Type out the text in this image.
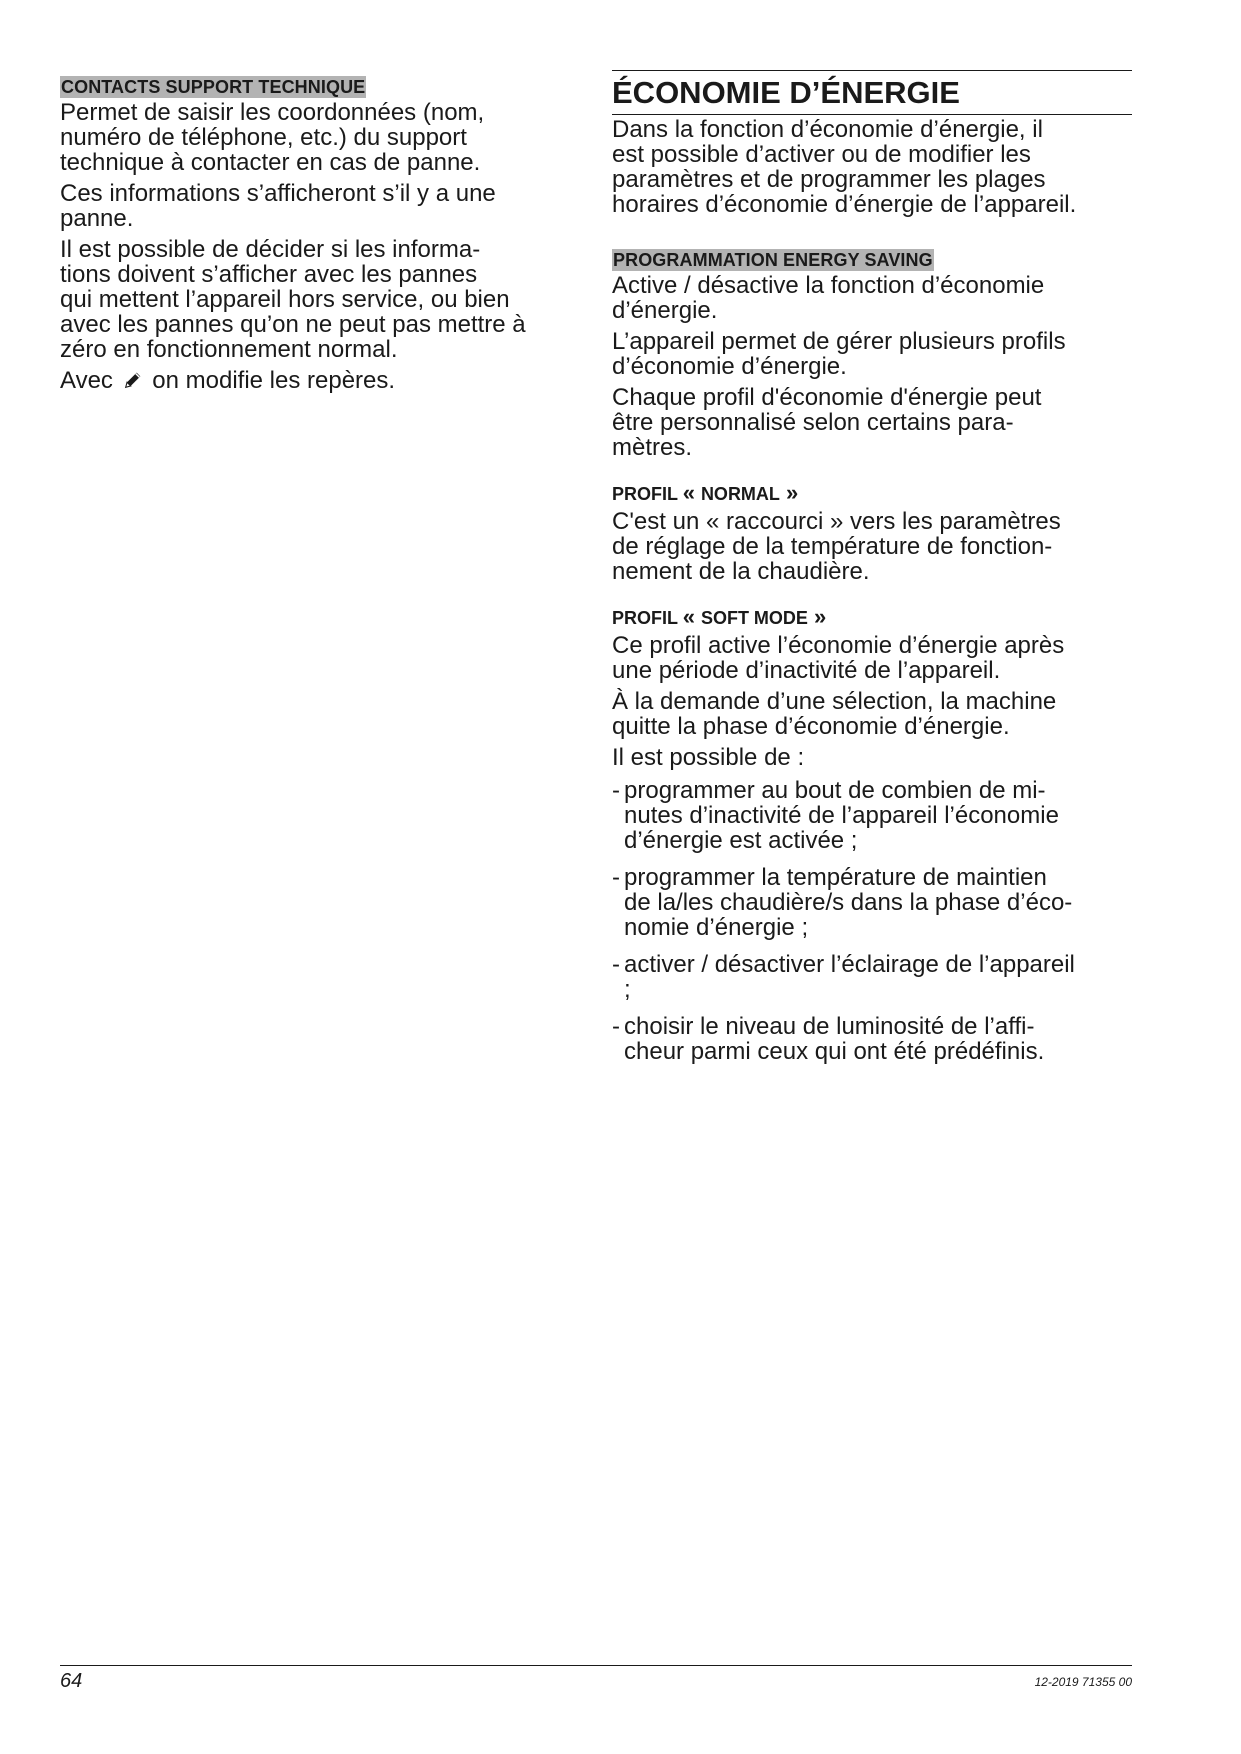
CONTACTS SUPPORT TECHNIQUE

Permet de saisir les coordonnées (nom,
numéro de téléphone, etc.) du support
technique à contacter en cas de panne.

Ces informations s’afficheront s’il y a une
panne.

Il est possible de décider si les informa-
tions doivent s’afficher avec les pannes
qui mettent l’appareil hors service, ou bien
avec les pannes qu’on ne peut pas mettre à
zéro en fonctionnement normal.

Avec on modifie les repères.

ÉCONOMIE D’ÉNERGIE

Dans la fonction d’économie d’énergie, il
est possible d’activer ou de modifier les
paramètres et de programmer les plages
horaires d’économie d’énergie de l’appareil.

PROGRAMMATION ENERGY SAVING

Active / désactive la fonction d’économie
d’énergie.

L’appareil permet de gérer plusieurs profils
d’économie d’énergie.

Chaque profil d'économie d'énergie peut
être personnalisé selon certains para-
mètres.

PROFIL « NORMAL »

C'est un « raccourci » vers les paramètres
de réglage de la température de fonction-
nement de la chaudière.

PROFIL « SOFT MODE »

Ce profil active l’économie d’énergie après
une période d’inactivité de l’appareil.

À la demande d’une sélection, la machine
quitte la phase d’économie d’énergie.

Il est possible de :

- programmer au bout de combien de mi-
nutes d’inactivité de l’appareil l’économie
d’énergie est activée ;
- programmer la température de maintien
de la/les chaudière/s dans la phase d’éco-
nomie d’énergie ;
- activer / désactiver l’éclairage de l’appareil
;
- choisir le niveau de luminosité de l’affi-
cheur parmi ceux qui ont été prédéfinis.
64	12-2019 71355 00
